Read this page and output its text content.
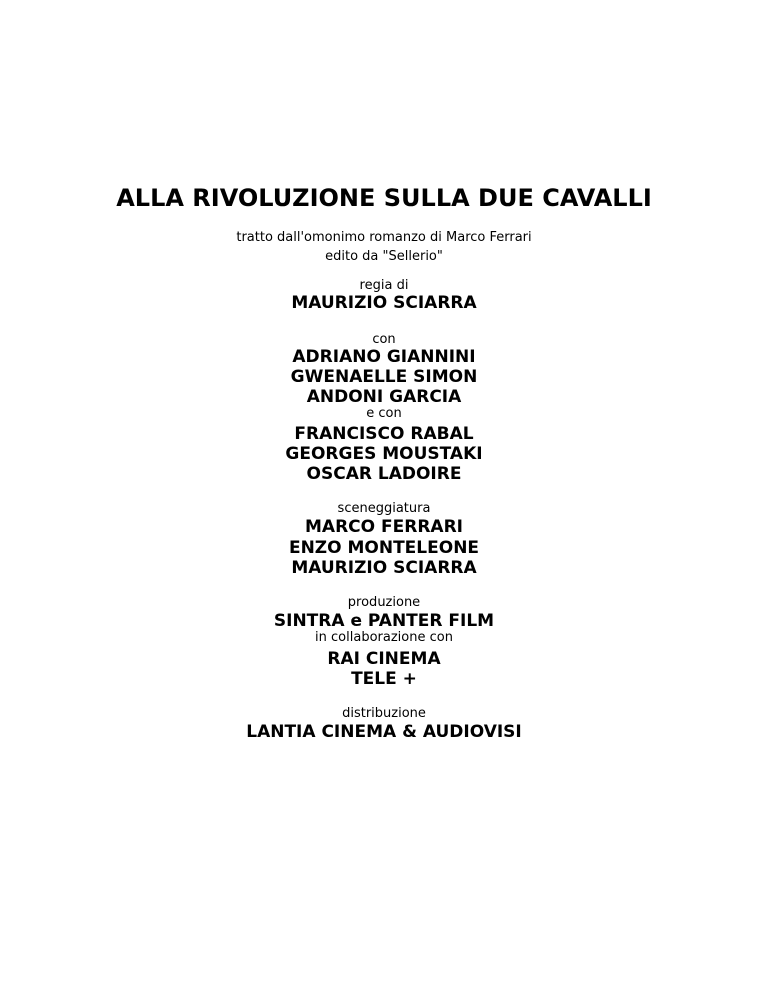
ALLA RIVOLUZIONE SULLA DUE CAVALLI

tratto dall'omonimo romanzo di Marco Ferrari

edito da "Sellerio"

regia di

MAURIZIO SCIARRA

con

ADRIANO GIANNINI

GWENAELLE SIMON

ANDONI GARCIA

e con

FRANCISCO RABAL

GEORGES MOUSTAKI

OSCAR LADOIRE

sceneggiatura

MARCO FERRARI

ENZO MONTELEONE

MAURIZIO SCIARRA

produzione

SINTRA e PANTER FILM

in collaborazione con

RAI CINEMA

TELE +

distribuzione

LANTIA CINEMA & AUDIOVISI
